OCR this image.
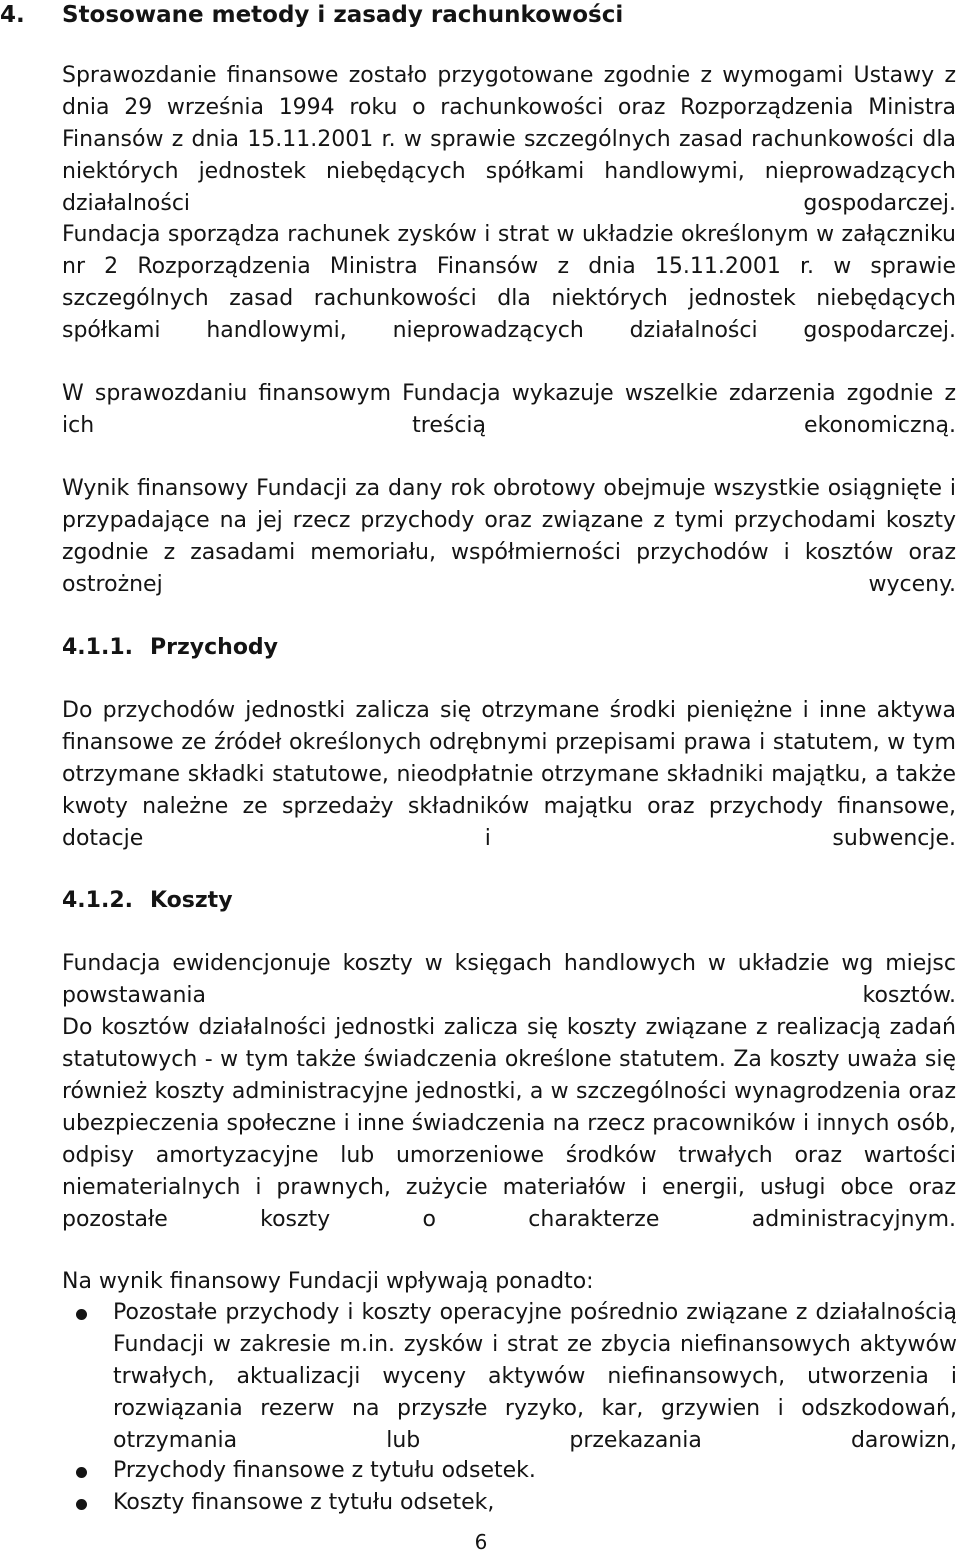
4. Stosowane metody i zasady rachunkowości

Sprawozdanie finansowe zostało przygotowane zgodnie z wymogami Ustawy z dnia 29 września 1994 roku o rachunkowości oraz Rozporządzenia Ministra Finansów z dnia 15.11.2001 r. w sprawie szczególnych zasad rachunkowości dla niektórych jednostek niebędących spółkami handlowymi, nieprowadzących działalności gospodarczej.

Fundacja sporządza rachunek zysków i strat w układzie określonym w załączniku nr 2 Rozporządzenia Ministra Finansów z dnia 15.11.2001 r. w sprawie szczególnych zasad rachunkowości dla niektórych jednostek niebędących spółkami handlowymi, nieprowadzących działalności gospodarczej.

W sprawozdaniu finansowym Fundacja wykazuje wszelkie zdarzenia zgodnie z ich treścią ekonomiczną.

Wynik finansowy Fundacji za dany rok obrotowy obejmuje wszystkie osiągnięte i przypadające na jej rzecz przychody oraz związane z tymi przychodami koszty zgodnie z zasadami memoriału, współmierności przychodów i kosztów oraz ostrożnej wyceny.

4.1.1. Przychody

Do przychodów jednostki zalicza się otrzymane środki pieniężne i inne aktywa finansowe ze źródeł określonych odrębnymi przepisami prawa i statutem, w tym otrzymane składki statutowe, nieodpłatnie otrzymane składniki majątku, a także kwoty należne ze sprzedaży składników majątku oraz przychody finansowe, dotacje i subwencje.

4.1.2. Koszty

Fundacja ewidencjonuje koszty w księgach handlowych w układzie wg miejsc powstawania kosztów.

Do kosztów działalności jednostki zalicza się koszty związane z realizacją zadań statutowych - w tym także świadczenia określone statutem. Za koszty uważa się również koszty administracyjne jednostki, a w szczególności wynagrodzenia oraz ubezpieczenia społeczne i inne świadczenia na rzecz pracowników i innych osób, odpisy amortyzacyjne lub umorzeniowe środków trwałych oraz wartości niematerialnych i prawnych, zużycie materiałów i energii, usługi obce oraz pozostałe koszty o charakterze administracyjnym.

Na wynik finansowy Fundacji wpływają ponadto:

Pozostałe przychody i koszty operacyjne pośrednio związane z działalnością Fundacji w zakresie m.in. zysków i strat ze zbycia niefinansowych aktywów trwałych, aktualizacji wyceny aktywów niefinansowych, utworzenia i rozwiązania rezerw na przyszłe ryzyko, kar, grzywien i odszkodowań, otrzymania lub przekazania darowizn,
Przychody finansowe z tytułu odsetek.
Koszty finansowe z tytułu odsetek,
6
